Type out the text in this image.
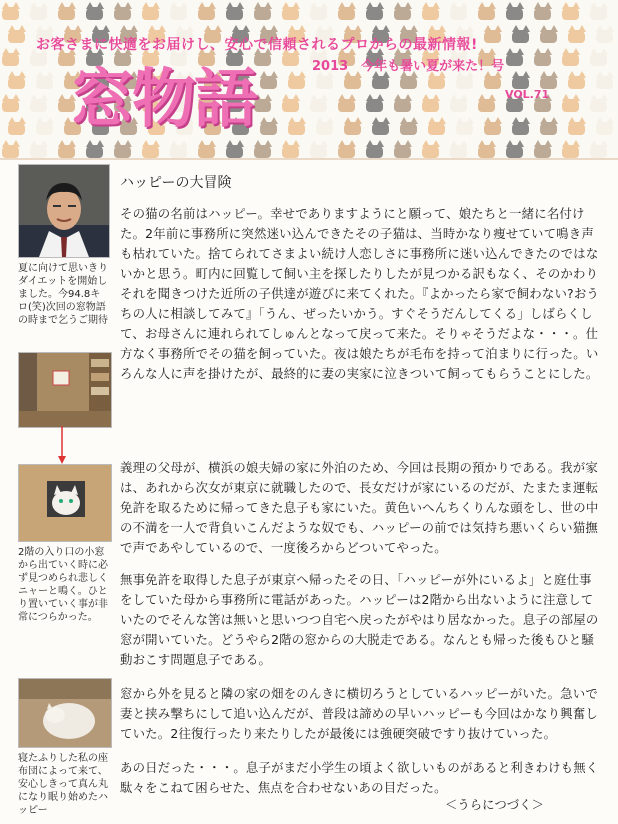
お客さまに快適をお届けし、安心で信頼されるプロからの最新情報!
2013　今年も暑い夏が来た！号
窓物語	VOL.71
夏に向けて思いきりダイエットを開始しました。今94.8キロ(笑)次回の窓物語の時まで乞うご期待
2階の入り口の小窓から出ていく時に必ず見つめられ悲しくニャーと鳴く。ひとり置いていく事が非常につらかった。
寝たふりした私の座布団によって来て、安心しきって真ん丸になり眠り始めたハッピー
ハッピーの大冒険
その猫の名前はハッピー。幸せでありますようにと願って、娘たちと一緒に名付けた。2年前に事務所に突然迷い込んできたその子猫は、当時かなり痩せていて鳴き声も枯れていた。捨てられてさまよい続け人恋しさに事務所に迷い込んできたのではないかと思う。町内に回覧して飼い主を探したりしたが見つかる訳もなく、そのかわりそれを聞きつけた近所の子供達が遊びに来てくれた。『よかったら家で飼わない?おうちの人に相談してみて』「うん、ぜったいかう。すぐそうだんしてくる」しばらくして、お母さんに連れられてしゅんとなって戻って来た。そりゃそうだよな・・・。仕方なく事務所でその猫を飼っていた。夜は娘たちが毛布を持って泊まりに行った。いろんな人に声を掛けたが、最終的に妻の実家に泣きついて飼ってもらうことにした。
義理の父母が、横浜の娘夫婦の家に外泊のため、今回は長期の預かりである。我が家は、あれから次女が東京に就職したので、長女だけが家にいるのだが、たまたま運転免許を取るために帰ってきた息子も家にいた。黄色いへんちくりんな頭をし、世の中の不満を一人で背負いこんだような奴でも、ハッピーの前では気持ち悪いくらい猫撫で声であやしているので、一度後ろからどついてやった。
無事免許を取得した息子が東京へ帰ったその日、「ハッピーが外にいるよ」と庭仕事をしていた母から事務所に電話があった。ハッピーは2階から出ないように注意していたのでそんな筈は無いと思いつつ自宅へ戻ったがやはり居なかった。息子の部屋の窓が開いていた。どうやら2階の窓からの大脱走である。なんとも帰った後もひと騒動おこす問題息子である。
窓から外を見ると隣の家の畑をのんきに横切ろうとしているハッピーがいた。急いで妻と挟み撃ちにして追い込んだが、普段は諦めの早いハッピーも今回はかなり興奮していた。2往復行ったり来たりしたが最後には強硬突破ですり抜けていった。
あの日だった・・・。息子がまだ小学生の頃よく欲しいものがあると利きわけも無く駄々をこねて困らせた、焦点を合わせないあの目だった。
＜うらにつづく＞
